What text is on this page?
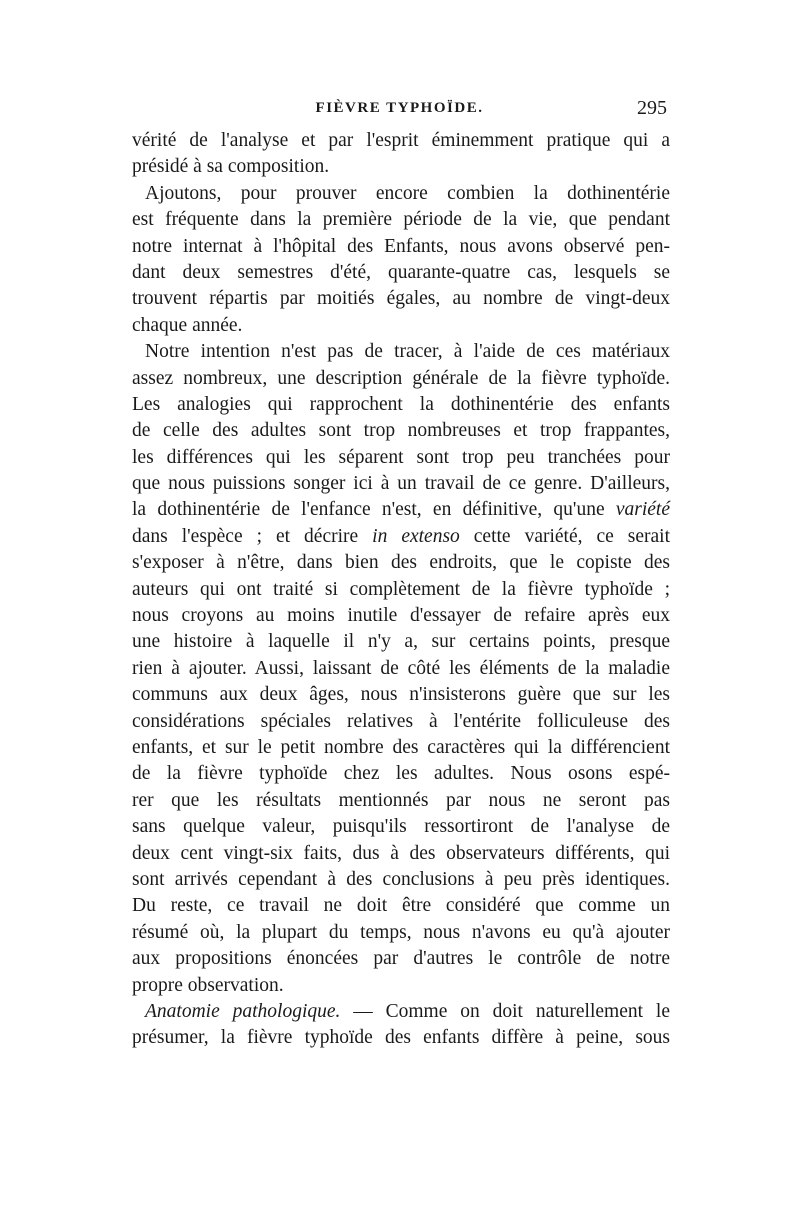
FIÈVRE TYPHOÏDE.	295
vérité de l'analyse et par l'esprit éminemment pratique qui a
présidé à sa composition.
Ajoutons, pour prouver encore combien la dothinentérie
est fréquente dans la première période de la vie, que pendant
notre internat à l'hôpital des Enfants, nous avons observé pen-
dant deux semestres d'été, quarante-quatre cas, lesquels se
trouvent répartis par moitiés égales, au nombre de vingt-deux
chaque année.
Notre intention n'est pas de tracer, à l'aide de ces matériaux
assez nombreux, une description générale de la fièvre typhoïde.
Les analogies qui rapprochent la dothinentérie des enfants
de celle des adultes sont trop nombreuses et trop frappantes,
les différences qui les séparent sont trop peu tranchées pour
que nous puissions songer ici à un travail de ce genre. D'ailleurs,
la dothinentérie de l'enfance n'est, en définitive, qu'une variété
dans l'espèce ; et décrire in extenso cette variété, ce serait
s'exposer à n'être, dans bien des endroits, que le copiste des
auteurs qui ont traité si complètement de la fièvre typhoïde ;
nous croyons au moins inutile d'essayer de refaire après eux
une histoire à laquelle il n'y a, sur certains points, presque
rien à ajouter. Aussi, laissant de côté les éléments de la maladie
communs aux deux âges, nous n'insisterons guère que sur les
considérations spéciales relatives à l'entérite folliculeuse des
enfants, et sur le petit nombre des caractères qui la différencient
de la fièvre typhoïde chez les adultes. Nous osons espé-
rer que les résultats mentionnés par nous ne seront pas
sans quelque valeur, puisqu'ils ressortiront de l'analyse de
deux cent vingt-six faits, dus à des observateurs différents, qui
sont arrivés cependant à des conclusions à peu près identiques.
Du reste, ce travail ne doit être considéré que comme un
résumé où, la plupart du temps, nous n'avons eu qu'à ajouter
aux propositions énoncées par d'autres le contrôle de notre
propre observation.
Anatomie pathologique. — Comme on doit naturellement le
présumer, la fièvre typhoïde des enfants diffère à peine, sous
